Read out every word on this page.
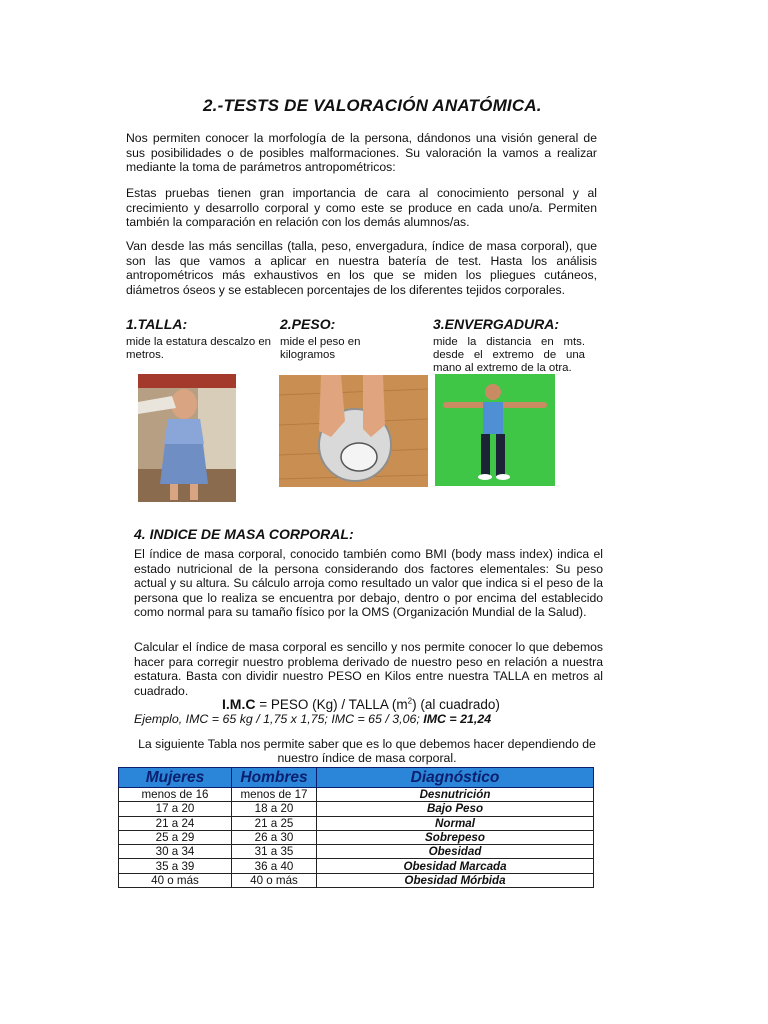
2.-TESTS DE VALORACIÓN ANATÓMICA.

Nos permiten conocer la morfología de la persona, dándonos una visión general de sus posibilidades o de posibles malformaciones. Su valoración la vamos a realizar mediante la toma de parámetros antropométricos:

Estas pruebas tienen gran importancia de cara al conocimiento personal y al crecimiento y desarrollo corporal y como este se produce en cada uno/a. Permiten también la comparación en relación con los demás alumnos/as.

Van desde las más sencillas (talla, peso, envergadura, índice de masa corporal), que son las que vamos a aplicar en nuestra batería de test. Hasta los análisis antropométricos más exhaustivos en los que se miden los pliegues cutáneos, diámetros óseos y se establecen porcentajes de los diferentes tejidos corporales.

1.TALLA:	2.PESO:	3.ENVERGADURA:

mide la estatura descalzo en metros.

mide el peso en kilogramos

mide la distancia en mts. desde el extremo de una mano al extremo de la otra.

4. INDICE DE MASA CORPORAL:

El índice de masa corporal, conocido también como BMI (body mass index) indica el estado nutricional de la persona considerando dos factores elementales: Su peso actual y su altura. Su cálculo arroja como resultado un valor que indica si el peso de la persona que lo realiza se encuentra por debajo, dentro o por encima del establecido como normal para su tamaño físico por la OMS (Organización Mundial de la Salud).

Calcular el índice de masa corporal es sencillo y nos permite conocer lo que debemos hacer para corregir nuestro problema derivado de nuestro peso en relación a nuestra estatura. Basta con dividir nuestro PESO en Kilos entre nuestra TALLA en metros al cuadrado.

I.M.C = PESO (Kg) / TALLA $(m^2)$ (al cuadrado)
Ejemplo, IMC = 65 kg / 1,75 x 1,75; IMC = 65 / 3,06; IMC = 21,24

La siguiente Tabla nos permite saber que es lo que debemos hacer dependiendo de nuestro índice de masa corporal.

Mujeres	Hombres	Diagnóstico
menos de 16	menos de 17	Desnutrición
17 a 20	18 a 20	Bajo Peso
21 a 24	21 a 25	Normal
25 a 29	26 a 30	Sobrepeso
30 a 34	31 a 35	Obesidad
35 a 39	36 a 40	Obesidad Marcada
40 o más	40 o más	Obesidad Mórbida
